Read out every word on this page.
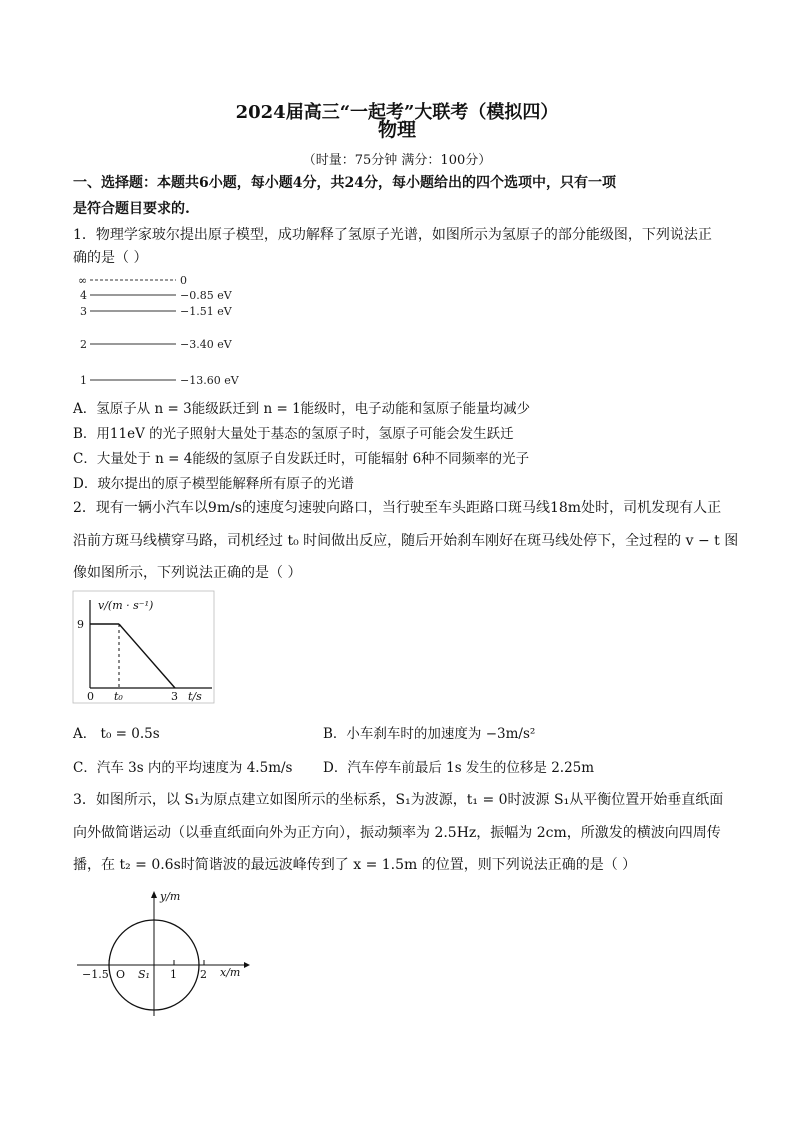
2024届高三“一起考”大联考（模拟四）
物理
（时量：75分钟 满分：100分）
一、选择题：本题共6小题，每小题4分，共24分，每小题给出的四个选项中，只有一项
是符合题目要求的.
1．物理学家玻尔提出原子模型，成功解释了氢原子光谱，如图所示为氢原子的部分能级图，下列说法正
确的是（ ）
∞	0
4	−0.85 eV
3	−1.51 eV
2	−3.40 eV
1	−13.60 eV
A．氢原子从 n = 3能级跃迁到 n = 1能级时，电子动能和氢原子能量均减少
B．用11eV 的光子照射大量处于基态的氢原子时，氢原子可能会发生跃迁
C．大量处于 n = 4能级的氢原子自发跃迁时，可能辐射 6种不同频率的光子
D．玻尔提出的原子模型能解释所有原子的光谱
2．现有一辆小汽车以9m/s的速度匀速驶向路口，当行驶至车头距路口斑马线18m处时，司机发现有人正
沿前方斑马线横穿马路，司机经过 t₀ 时间做出反应，随后开始刹车刚好在斑马线处停下，全过程的 v − t 图
像如图所示，下列说法正确的是（ ）
v/(m · s⁻¹)
9
0 t₀	3 t/s
A． t₀ = 0.5s	B．小车刹车时的加速度为 −3m/s²
C．汽车 3s 内的平均速度为 4.5m/s D．汽车停车前最后 1s 发生的位移是 2.25m
3．如图所示，以 S₁为原点建立如图所示的坐标系，S₁为波源，t₁ = 0时波源 S₁从平衡位置开始垂直纸面
向外做简谐运动（以垂直纸面向外为正方向），振动频率为 2.5Hz，振幅为 2cm，所激发的横波向四周传
播，在 t₂ = 0.6s时简谐波的最远波峰传到了 x = 1.5m 的位置，则下列说法正确的是（ ）
y/m
x/m
−1.5 O S₁ 1 2
